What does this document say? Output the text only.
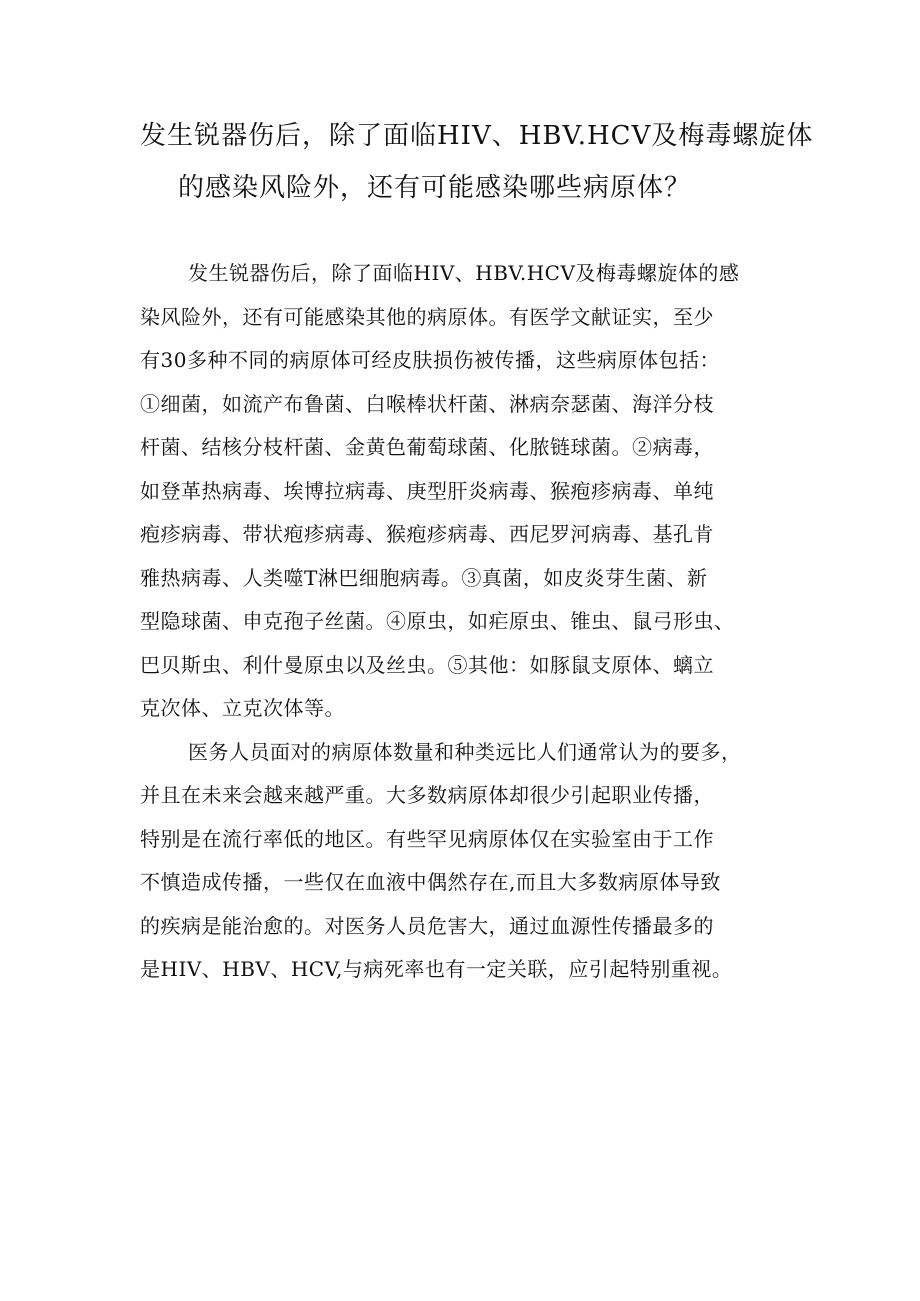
发生锐器伤后，除了面临HIV、HBV.HCV及梅毒螺旋体
的感染风险外，还有可能感染哪些病原体？

发生锐器伤后，除了面临HIV、HBV.HCV及梅毒螺旋体的感
染风险外，还有可能感染其他的病原体。有医学文献证实，至少
有30多种不同的病原体可经皮肤损伤被传播，这些病原体包括：
①细菌，如流产布鲁菌、白喉棒状杆菌、淋病奈瑟菌、海洋分枝
杆菌、结核分枝杆菌、金黄色葡萄球菌、化脓链球菌。②病毒，
如登革热病毒、埃博拉病毒、庚型肝炎病毒、猴疱疹病毒、单纯
疱疹病毒、带状疱疹病毒、猴疱疹病毒、西尼罗河病毒、基孔肯
雅热病毒、人类噬T淋巴细胞病毒。③真菌，如皮炎芽生菌、新
型隐球菌、申克孢子丝菌。④原虫，如疟原虫、锥虫、鼠弓形虫、
巴贝斯虫、利什曼原虫以及丝虫。⑤其他：如豚鼠支原体、螭立
克次体、立克次体等。

医务人员面对的病原体数量和种类远比人们通常认为的要多，
并且在未来会越来越严重。大多数病原体却很少引起职业传播，
特别是在流行率低的地区。有些罕见病原体仅在实验室由于工作
不慎造成传播，一些仅在血液中偶然存在,而且大多数病原体导致
的疾病是能治愈的。对医务人员危害大，通过血源性传播最多的
是HIV、HBV、HCV,与病死率也有一定关联，应引起特别重视。
